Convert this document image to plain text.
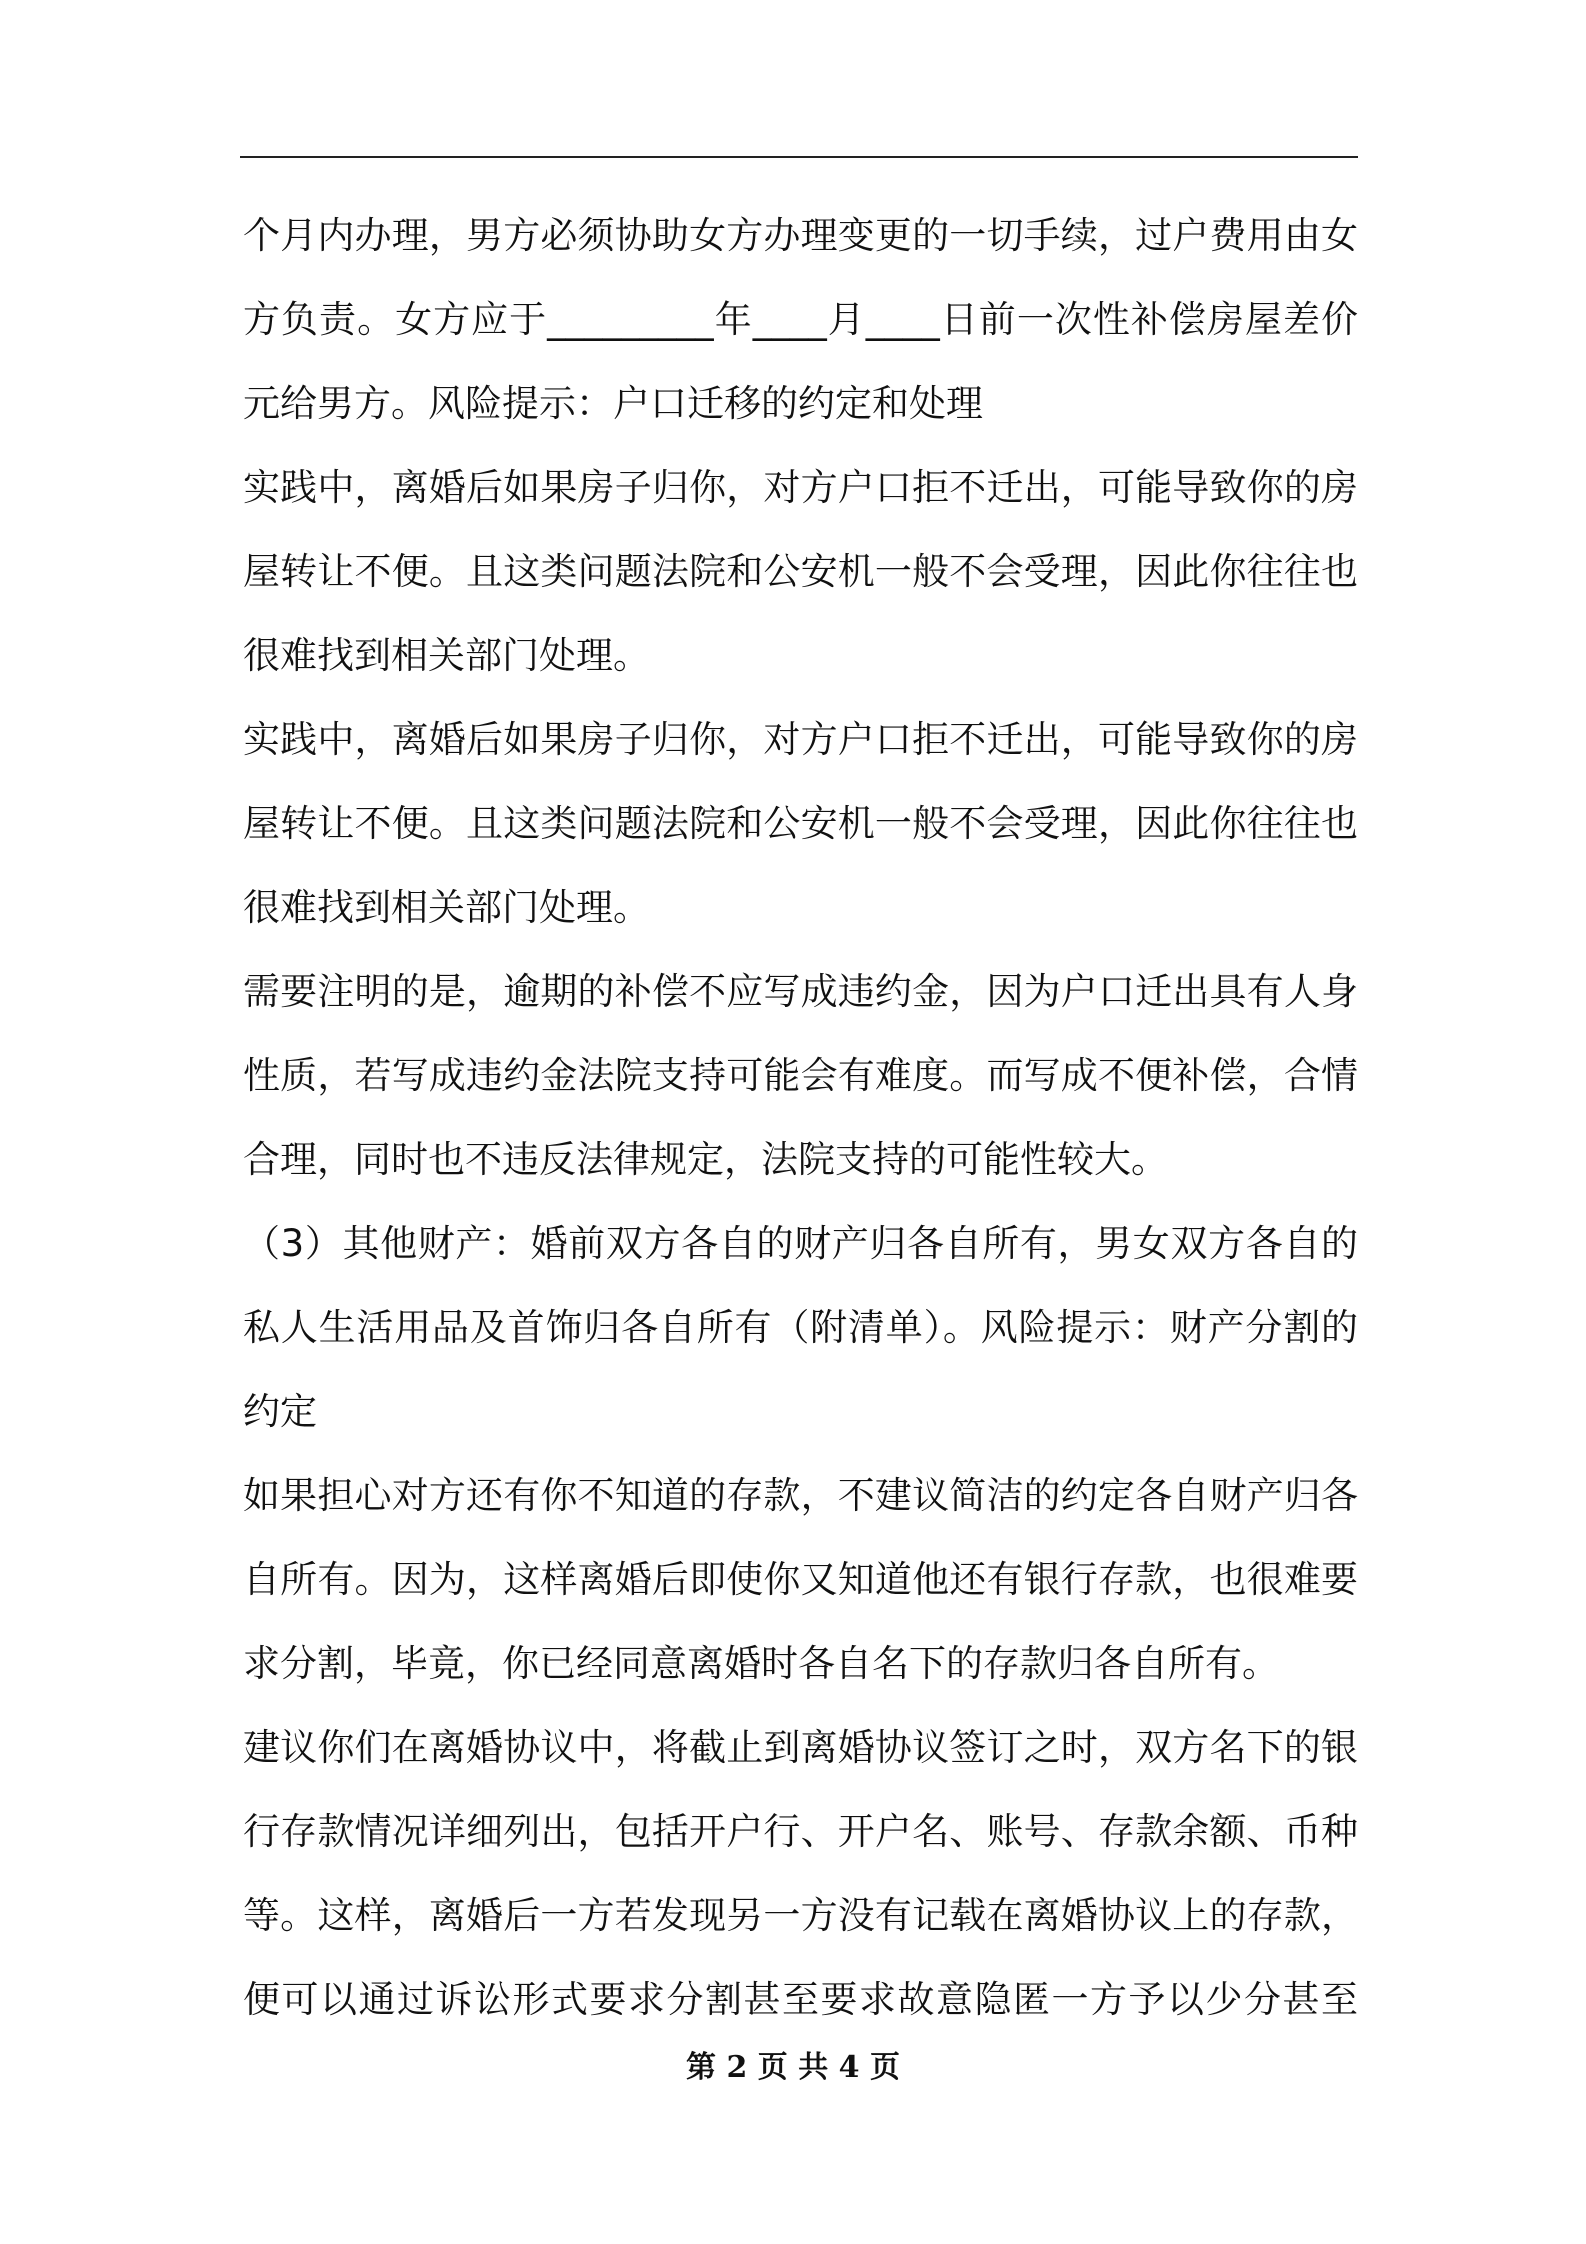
个月内办理，男方必须协助女方办理变更的一切手续，过户费用由女
方负责。女方应于_________年____月____日前一次性补偿房屋差价
元给男方。风险提示：户口迁移的约定和处理
实践中，离婚后如果房子归你，对方户口拒不迁出，可能导致你的房
屋转让不便。且这类问题法院和公安机一般不会受理，因此你往往也
很难找到相关部门处理。
实践中，离婚后如果房子归你，对方户口拒不迁出，可能导致你的房
屋转让不便。且这类问题法院和公安机一般不会受理，因此你往往也
很难找到相关部门处理。
需要注明的是，逾期的补偿不应写成违约金，因为户口迁出具有人身
性质，若写成违约金法院支持可能会有难度。而写成不便补偿，合情
合理，同时也不违反法律规定，法院支持的可能性较大。
（3）其他财产：婚前双方各自的财产归各自所有，男女双方各自的
私人生活用品及首饰归各自所有（附清单）。风险提示：财产分割的
约定
如果担心对方还有你不知道的存款，不建议简洁的约定各自财产归各
自所有。因为，这样离婚后即使你又知道他还有银行存款，也很难要
求分割，毕竟，你已经同意离婚时各自名下的存款归各自所有。
建议你们在离婚协议中，将截止到离婚协议签订之时，双方名下的银
行存款情况详细列出，包括开户行、开户名、账号、存款余额、币种
等。这样，离婚后一方若发现另一方没有记载在离婚协议上的存款，
便可以通过诉讼形式要求分割甚至要求故意隐匿一方予以少分甚至
第 2 页 共 4 页
